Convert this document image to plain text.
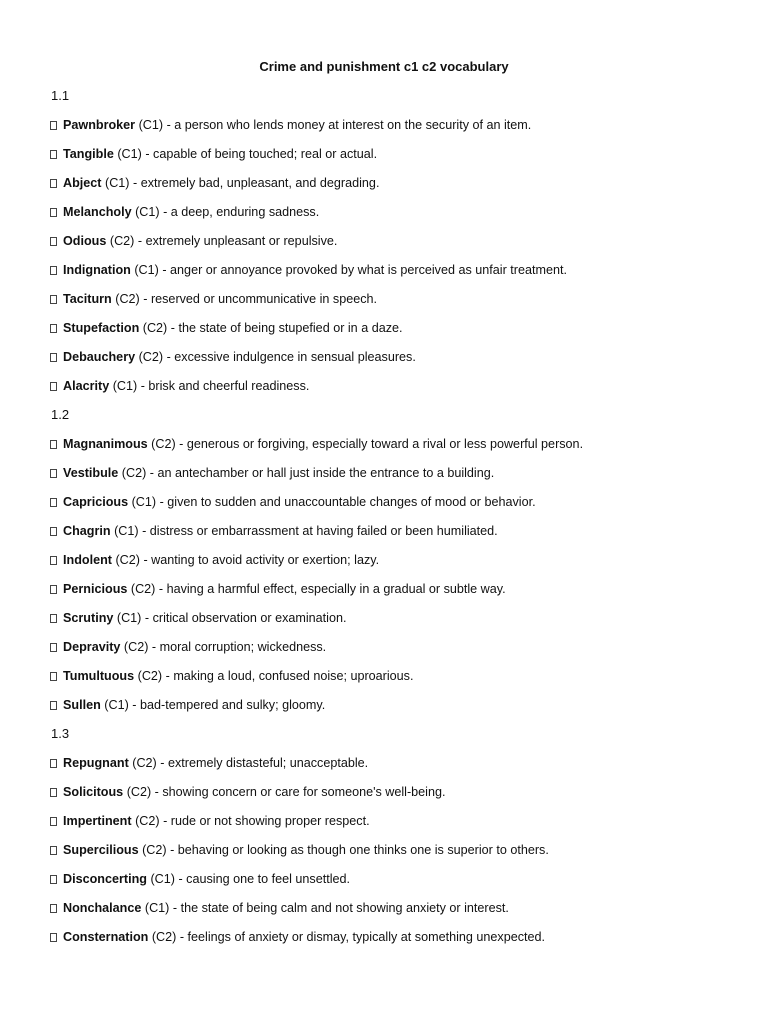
Crime and punishment c1 c2 vocabulary
1.1
Pawnbroker (C1) - a person who lends money at interest on the security of an item.
Tangible (C1) - capable of being touched; real or actual.
Abject (C1) - extremely bad, unpleasant, and degrading.
Melancholy (C1) - a deep, enduring sadness.
Odious (C2) - extremely unpleasant or repulsive.
Indignation (C1) - anger or annoyance provoked by what is perceived as unfair treatment.
Taciturn (C2) - reserved or uncommunicative in speech.
Stupefaction (C2) - the state of being stupefied or in a daze.
Debauchery (C2) - excessive indulgence in sensual pleasures.
Alacrity (C1) - brisk and cheerful readiness.
1.2
Magnanimous (C2) - generous or forgiving, especially toward a rival or less powerful person.
Vestibule (C2) - an antechamber or hall just inside the entrance to a building.
Capricious (C1) - given to sudden and unaccountable changes of mood or behavior.
Chagrin (C1) - distress or embarrassment at having failed or been humiliated.
Indolent (C2) - wanting to avoid activity or exertion; lazy.
Pernicious (C2) - having a harmful effect, especially in a gradual or subtle way.
Scrutiny (C1) - critical observation or examination.
Depravity (C2) - moral corruption; wickedness.
Tumultuous (C2) - making a loud, confused noise; uproarious.
Sullen (C1) - bad-tempered and sulky; gloomy.
1.3
Repugnant (C2) - extremely distasteful; unacceptable.
Solicitous (C2) - showing concern or care for someone's well-being.
Impertinent (C2) - rude or not showing proper respect.
Supercilious (C2) - behaving or looking as though one thinks one is superior to others.
Disconcerting (C1) - causing one to feel unsettled.
Nonchalance (C1) - the state of being calm and not showing anxiety or interest.
Consternation (C2) - feelings of anxiety or dismay, typically at something unexpected.
